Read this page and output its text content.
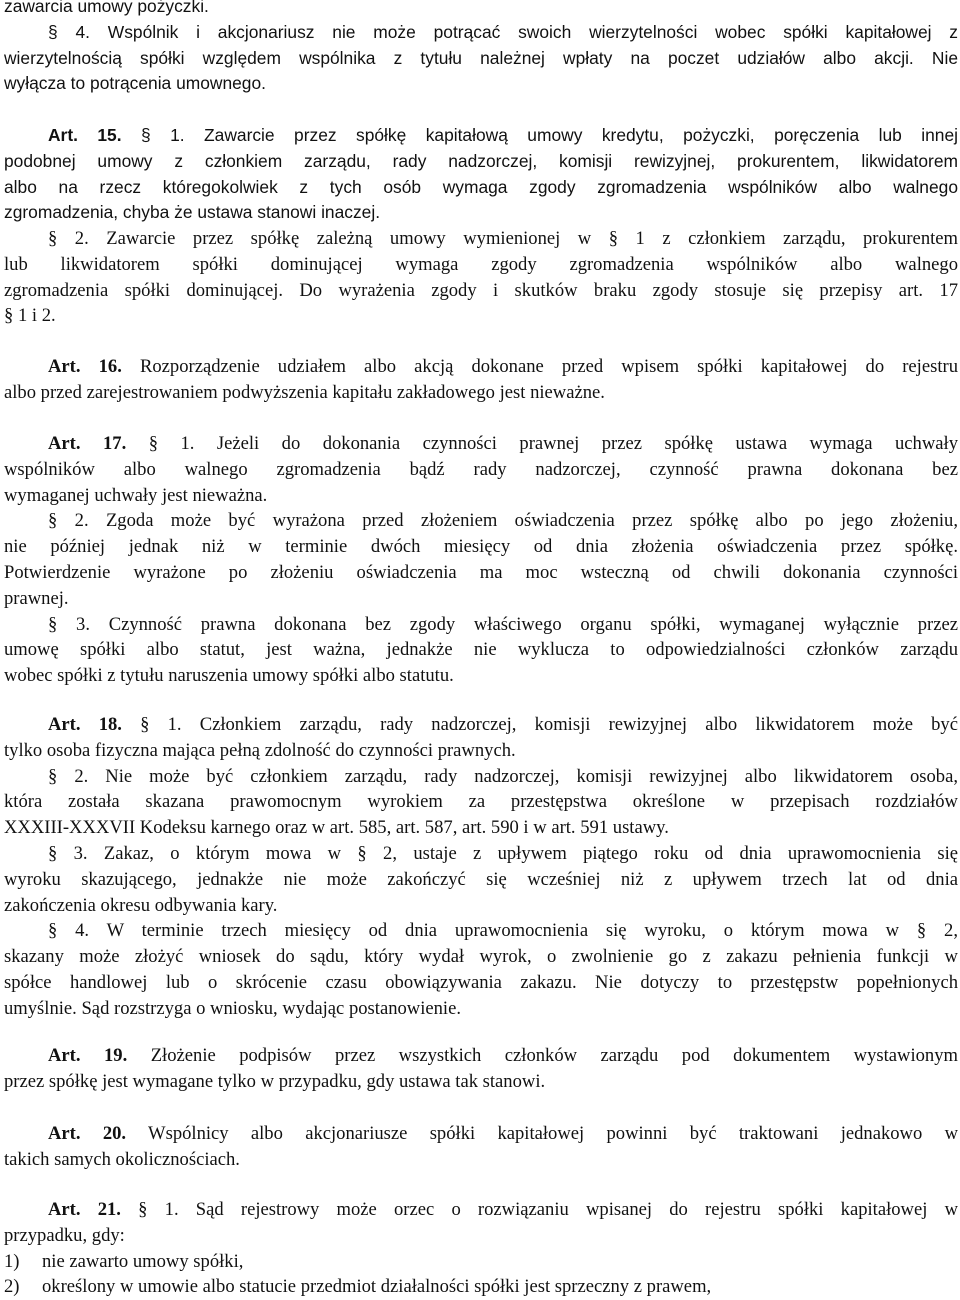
zawarcia umowy pożyczki.
§ 4. Wspólnik i akcjonariusz nie może potrącać swoich wierzytelności wobec spółki kapitałowej z
wierzytelnością spółki względem wspólnika z tytułu należnej wpłaty na poczet udziałów albo akcji. Nie
wyłącza to potrącenia umownego.
Art. 15. § 1. Zawarcie przez spółkę kapitałową umowy kredytu, pożyczki, poręczenia lub innej
podobnej umowy z członkiem zarządu, rady nadzorczej, komisji rewizyjnej, prokurentem, likwidatorem
albo na rzecz któregokolwiek z tych osób wymaga zgody zgromadzenia wspólników albo walnego
zgromadzenia, chyba że ustawa stanowi inaczej.
§ 2. Zawarcie przez spółkę zależną umowy wymienionej w § 1 z członkiem zarządu, prokurentem
lub likwidatorem spółki dominującej wymaga zgody zgromadzenia wspólników albo walnego
zgromadzenia spółki dominującej. Do wyrażenia zgody i skutków braku zgody stosuje się przepisy art. 17
§ 1 i 2.
Art. 16. Rozporządzenie udziałem albo akcją dokonane przed wpisem spółki kapitałowej do rejestru
albo przed zarejestrowaniem podwyższenia kapitału zakładowego jest nieważne.
Art. 17. § 1. Jeżeli do dokonania czynności prawnej przez spółkę ustawa wymaga uchwały
wspólników albo walnego zgromadzenia bądź rady nadzorczej, czynność prawna dokonana bez
wymaganej uchwały jest nieważna.
§ 2. Zgoda może być wyrażona przed złożeniem oświadczenia przez spółkę albo po jego złożeniu,
nie później jednak niż w terminie dwóch miesięcy od dnia złożenia oświadczenia przez spółkę.
Potwierdzenie wyrażone po złożeniu oświadczenia ma moc wsteczną od chwili dokonania czynności
prawnej.
§ 3. Czynność prawna dokonana bez zgody właściwego organu spółki, wymaganej wyłącznie przez
umowę spółki albo statut, jest ważna, jednakże nie wyklucza to odpowiedzialności członków zarządu
wobec spółki z tytułu naruszenia umowy spółki albo statutu.
Art. 18. § 1. Członkiem zarządu, rady nadzorczej, komisji rewizyjnej albo likwidatorem może być
tylko osoba fizyczna mająca pełną zdolność do czynności prawnych.
§ 2. Nie może być członkiem zarządu, rady nadzorczej, komisji rewizyjnej albo likwidatorem osoba,
która została skazana prawomocnym wyrokiem za przestępstwa określone w przepisach rozdziałów
XXXIII-XXXVII Kodeksu karnego oraz w art. 585, art. 587, art. 590 i w art. 591 ustawy.
§ 3. Zakaz, o którym mowa w § 2, ustaje z upływem piątego roku od dnia uprawomocnienia się
wyroku skazującego, jednakże nie może zakończyć się wcześniej niż z upływem trzech lat od dnia
zakończenia okresu odbywania kary.
§ 4. W terminie trzech miesięcy od dnia uprawomocnienia się wyroku, o którym mowa w § 2,
skazany może złożyć wniosek do sądu, który wydał wyrok, o zwolnienie go z zakazu pełnienia funkcji w
spółce handlowej lub o skrócenie czasu obowiązywania zakazu. Nie dotyczy to przestępstw popełnionych
umyślnie. Sąd rozstrzyga o wniosku, wydając postanowienie.
Art. 19. Złożenie podpisów przez wszystkich członków zarządu pod dokumentem wystawionym
przez spółkę jest wymagane tylko w przypadku, gdy ustawa tak stanowi.
Art. 20. Wspólnicy albo akcjonariusze spółki kapitałowej powinni być traktowani jednakowo w
takich samych okolicznościach.
Art. 21. § 1. Sąd rejestrowy może orzec o rozwiązaniu wpisanej do rejestru spółki kapitałowej w
przypadku, gdy:
1) nie zawarto umowy spółki,
2) określony w umowie albo statucie przedmiot działalności spółki jest sprzeczny z prawem,
